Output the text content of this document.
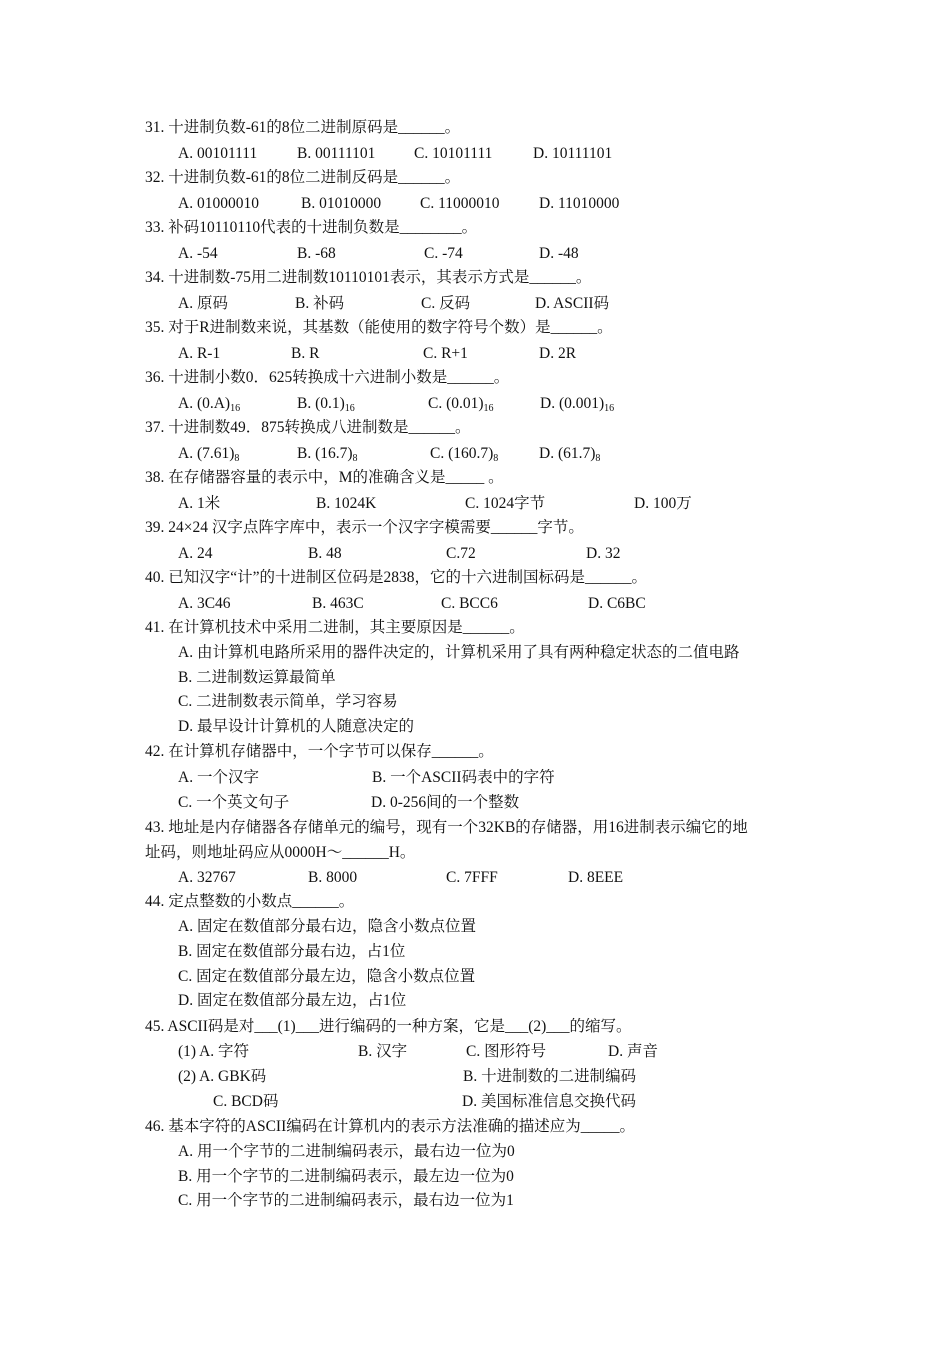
31. 十进制负数-61的8位二进制原码是______。
A. 00101111	B. 00111101 C. 10101111	D. 10111101
32. 十进制负数-61的8位二进制反码是______。
A. 01000010	B. 01010000	C. 11000010	D. 11010000
33. 补码10110110代表的十进制负数是________。
A. -54	B. -68	C. -74	D. -48
34. 十进制数-75用二进制数10110101表示，其表示方式是______。
A. 原码	B. 补码	C. 反码	D. ASCII码
35. 对于R进制数来说，其基数（能使用的数字符号个数）是______。
A. R-1	B. R	C. R+1	D. 2R
36. 十进制小数0．625转换成十六进制小数是______。
A. $(0.A)_{16}$	B. $(0.1)_{16}$	C. $(0.01)_{16}$	D. $(0.001)_{16}$
37. 十进制数49．875转换成八进制数是______。
A. $(7.61)_8$	B. $(16.7)_8$	C. $(160.7)_8$	D. $(61.7)_8$
38. 在存储器容量的表示中，M的准确含义是_____ 。
A. 1米	B. 1024K	C. 1024字节	D. 100万
39. 24×24 汉字点阵字库中，表示一个汉字字模需要______字节。
A. 24	B. 48	C.72	D. 32
40. 已知汉字“计”的十进制区位码是2838，它的十六进制国标码是______。
A. 3C46	B. 463C	C. BCC6	D. C6BC
41. 在计算机技术中采用二进制，其主要原因是______。
A. 由计算机电路所采用的器件决定的，计算机采用了具有两种稳定状态的二值电路
B. 二进制数运算最简单
C. 二进制数表示简单，学习容易
D. 最早设计计算机的人随意决定的
42. 在计算机存储器中，一个字节可以保存______。
A. 一个汉字	B. 一个ASCII码表中的字符
C. 一个英文句子	D. 0-256间的一个整数
43. 地址是内存储器各存储单元的编号，现有一个32KB的存储器，用16进制表示编它的地
址码，则地址码应从0000H～______H。
A. 32767	B. 8000	C. 7FFF	D. 8EEE
44. 定点整数的小数点______。
A. 固定在数值部分最右边，隐含小数点位置
B. 固定在数值部分最右边，占1位
C. 固定在数值部分最左边，隐含小数点位置
D. 固定在数值部分最左边，占1位
45. ASCII码是对___(1)___进行编码的一种方案，它是___(2)___的缩写。
(1) A. 字符	B. 汉字	C. 图形符号	D. 声音
(2) A. GBK码	B. 十进制数的二进制编码
C. BCD码	D. 美国标准信息交换代码
46. 基本字符的ASCII编码在计算机内的表示方法准确的描述应为_____。
A. 用一个字节的二进制编码表示，最右边一位为0
B. 用一个字节的二进制编码表示，最左边一位为0
C. 用一个字节的二进制编码表示，最右边一位为1
